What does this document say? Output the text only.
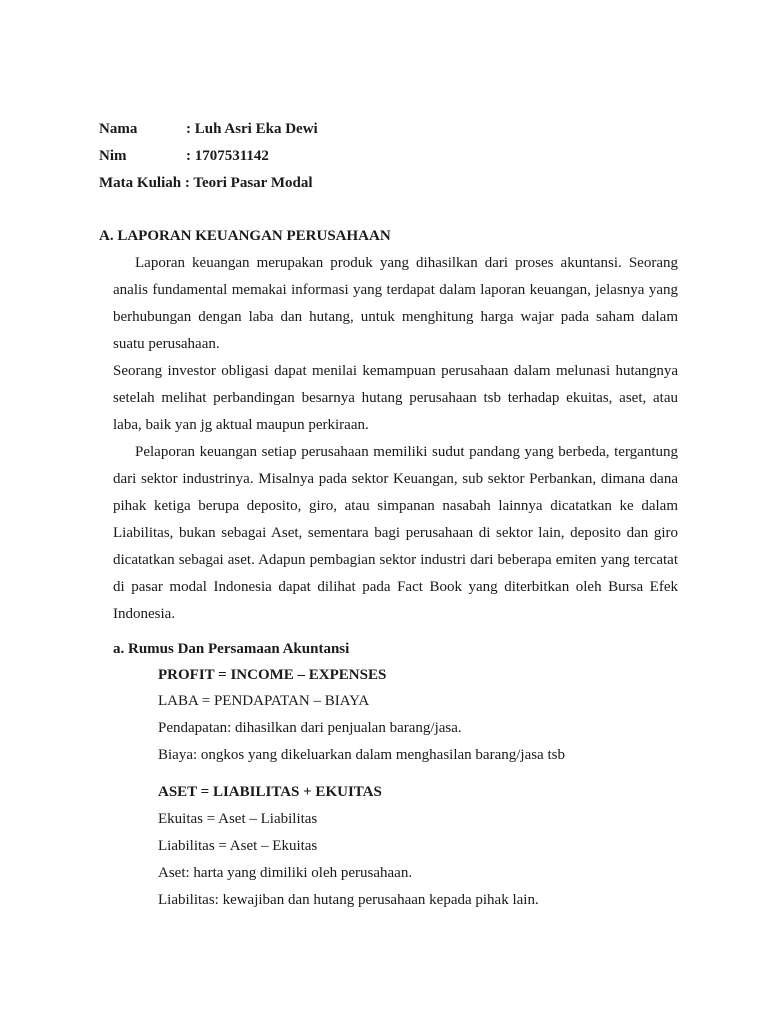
Nama	: Luh Asri Eka Dewi
Nim	: 1707531142
Mata Kuliah : Teori Pasar Modal
A. LAPORAN KEUANGAN PERUSAHAAN
Laporan keuangan merupakan produk yang dihasilkan dari proses akuntansi. Seorang
analis fundamental memakai informasi yang terdapat dalam laporan keuangan, jelasnya yang
berhubungan dengan laba dan hutang, untuk menghitung harga wajar pada saham dalam
suatu perusahaan.
Seorang investor obligasi dapat menilai kemampuan perusahaan dalam melunasi hutangnya
setelah melihat perbandingan besarnya hutang perusahaan tsb terhadap ekuitas, aset, atau
laba, baik yan jg aktual maupun perkiraan.
Pelaporan keuangan setiap perusahaan memiliki sudut pandang yang berbeda, tergantung
dari sektor industrinya. Misalnya pada sektor Keuangan, sub sektor Perbankan, dimana dana
pihak ketiga berupa deposito, giro, atau simpanan nasabah lainnya dicatatkan ke dalam
Liabilitas, bukan sebagai Aset, sementara bagi perusahaan di sektor lain, deposito dan giro
dicatatkan sebagai aset. Adapun pembagian sektor industri dari beberapa emiten yang tercatat
di pasar modal Indonesia dapat dilihat pada Fact Book yang diterbitkan oleh Bursa Efek
Indonesia.
a. Rumus Dan Persamaan Akuntansi
PROFIT = INCOME – EXPENSES
LABA = PENDAPATAN – BIAYA
Pendapatan: dihasilkan dari penjualan barang/jasa.
Biaya: ongkos yang dikeluarkan dalam menghasilan barang/jasa tsb
ASET = LIABILITAS + EKUITAS
Ekuitas = Aset – Liabilitas
Liabilitas = Aset – Ekuitas
Aset: harta yang dimiliki oleh perusahaan.
Liabilitas: kewajiban dan hutang perusahaan kepada pihak lain.
